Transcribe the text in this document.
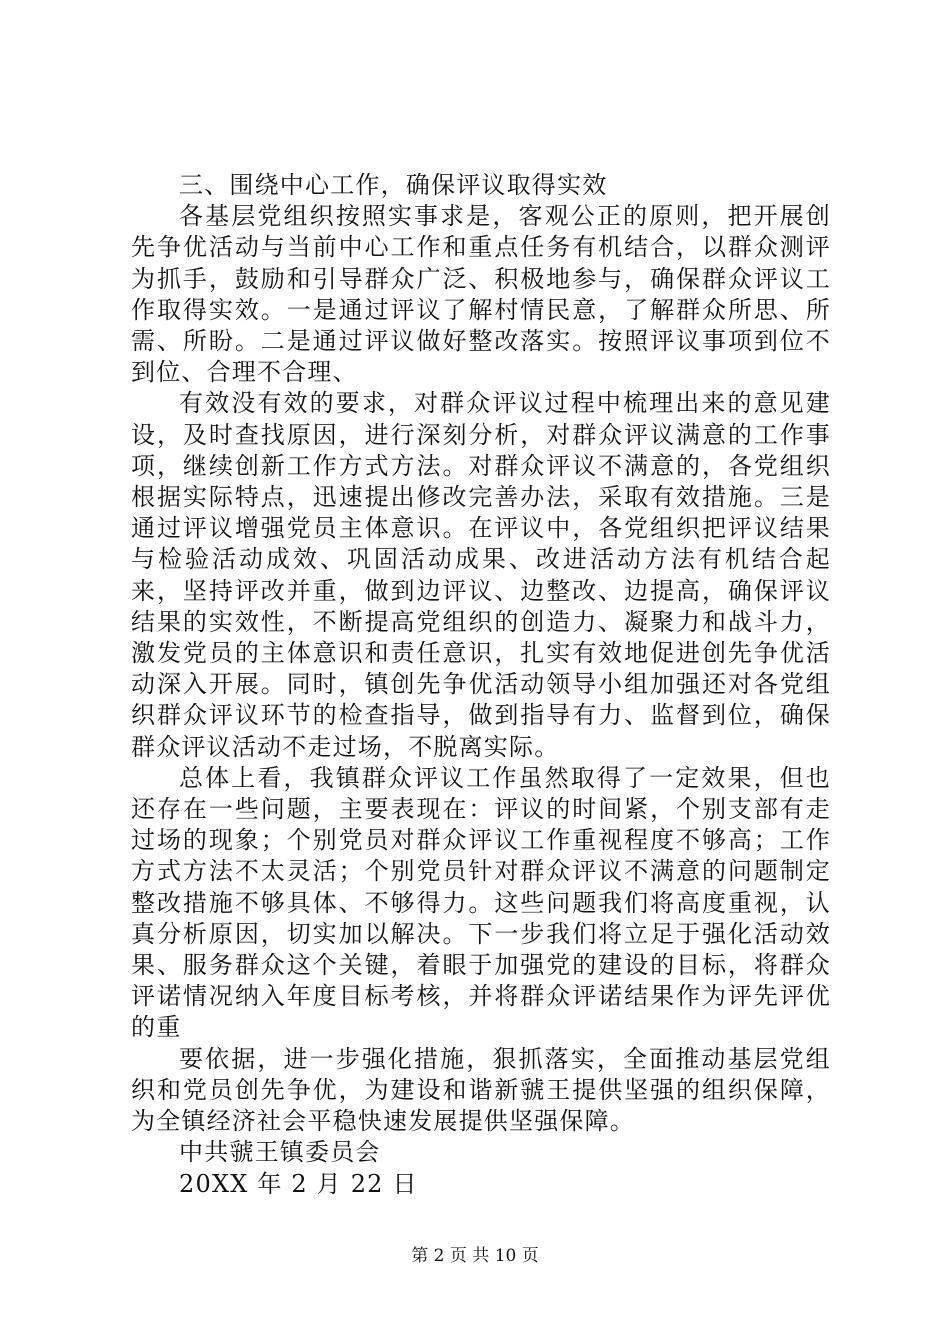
三、围绕中心工作，确保评议取得实效

各基层党组织按照实事求是，客观公正的原则，把开展创先争优活动与当前中心工作和重点任务有机结合，以群众测评为抓手，鼓励和引导群众广泛、积极地参与，确保群众评议工作取得实效。一是通过评议了解村情民意，了解群众所思、所需、所盼。二是通过评议做好整改落实。按照评议事项到位不到位、合理不合理、

有效没有效的要求，对群众评议过程中梳理出来的意见建设，及时查找原因，进行深刻分析，对群众评议满意的工作事项，继续创新工作方式方法。对群众评议不满意的，各党组织根据实际特点，迅速提出修改完善办法，采取有效措施。三是通过评议增强党员主体意识。在评议中，各党组织把评议结果与检验活动成效、巩固活动成果、改进活动方法有机结合起来，坚持评改并重，做到边评议、边整改、边提高，确保评议结果的实效性，不断提高党组织的创造力、凝聚力和战斗力，激发党员的主体意识和责任意识，扎实有效地促进创先争优活动深入开展。同时，镇创先争优活动领导小组加强还对各党组织群众评议环节的检查指导，做到指导有力、监督到位，确保群众评议活动不走过场，不脱离实际。

总体上看，我镇群众评议工作虽然取得了一定效果，但也还存在一些问题，主要表现在：评议的时间紧，个别支部有走过场的现象；个别党员对群众评议工作重视程度不够高；工作方式方法不太灵活；个别党员针对群众评议不满意的问题制定整改措施不够具体、不够得力。这些问题我们将高度重视，认真分析原因，切实加以解决。下一步我们将立足于强化活动效果、服务群众这个关键，着眼于加强党的建设的目标，将群众评诺情况纳入年度目标考核，并将群众评诺结果作为评先评优的重

要依据，进一步强化措施，狠抓落实，全面推动基层党组织和党员创先争优，为建设和谐新虢王提供坚强的组织保障，为全镇经济社会平稳快速发展提供坚强保障。

中共虢王镇委员会

20XX 年 2 月 22 日

第 2 页 共 10 页
